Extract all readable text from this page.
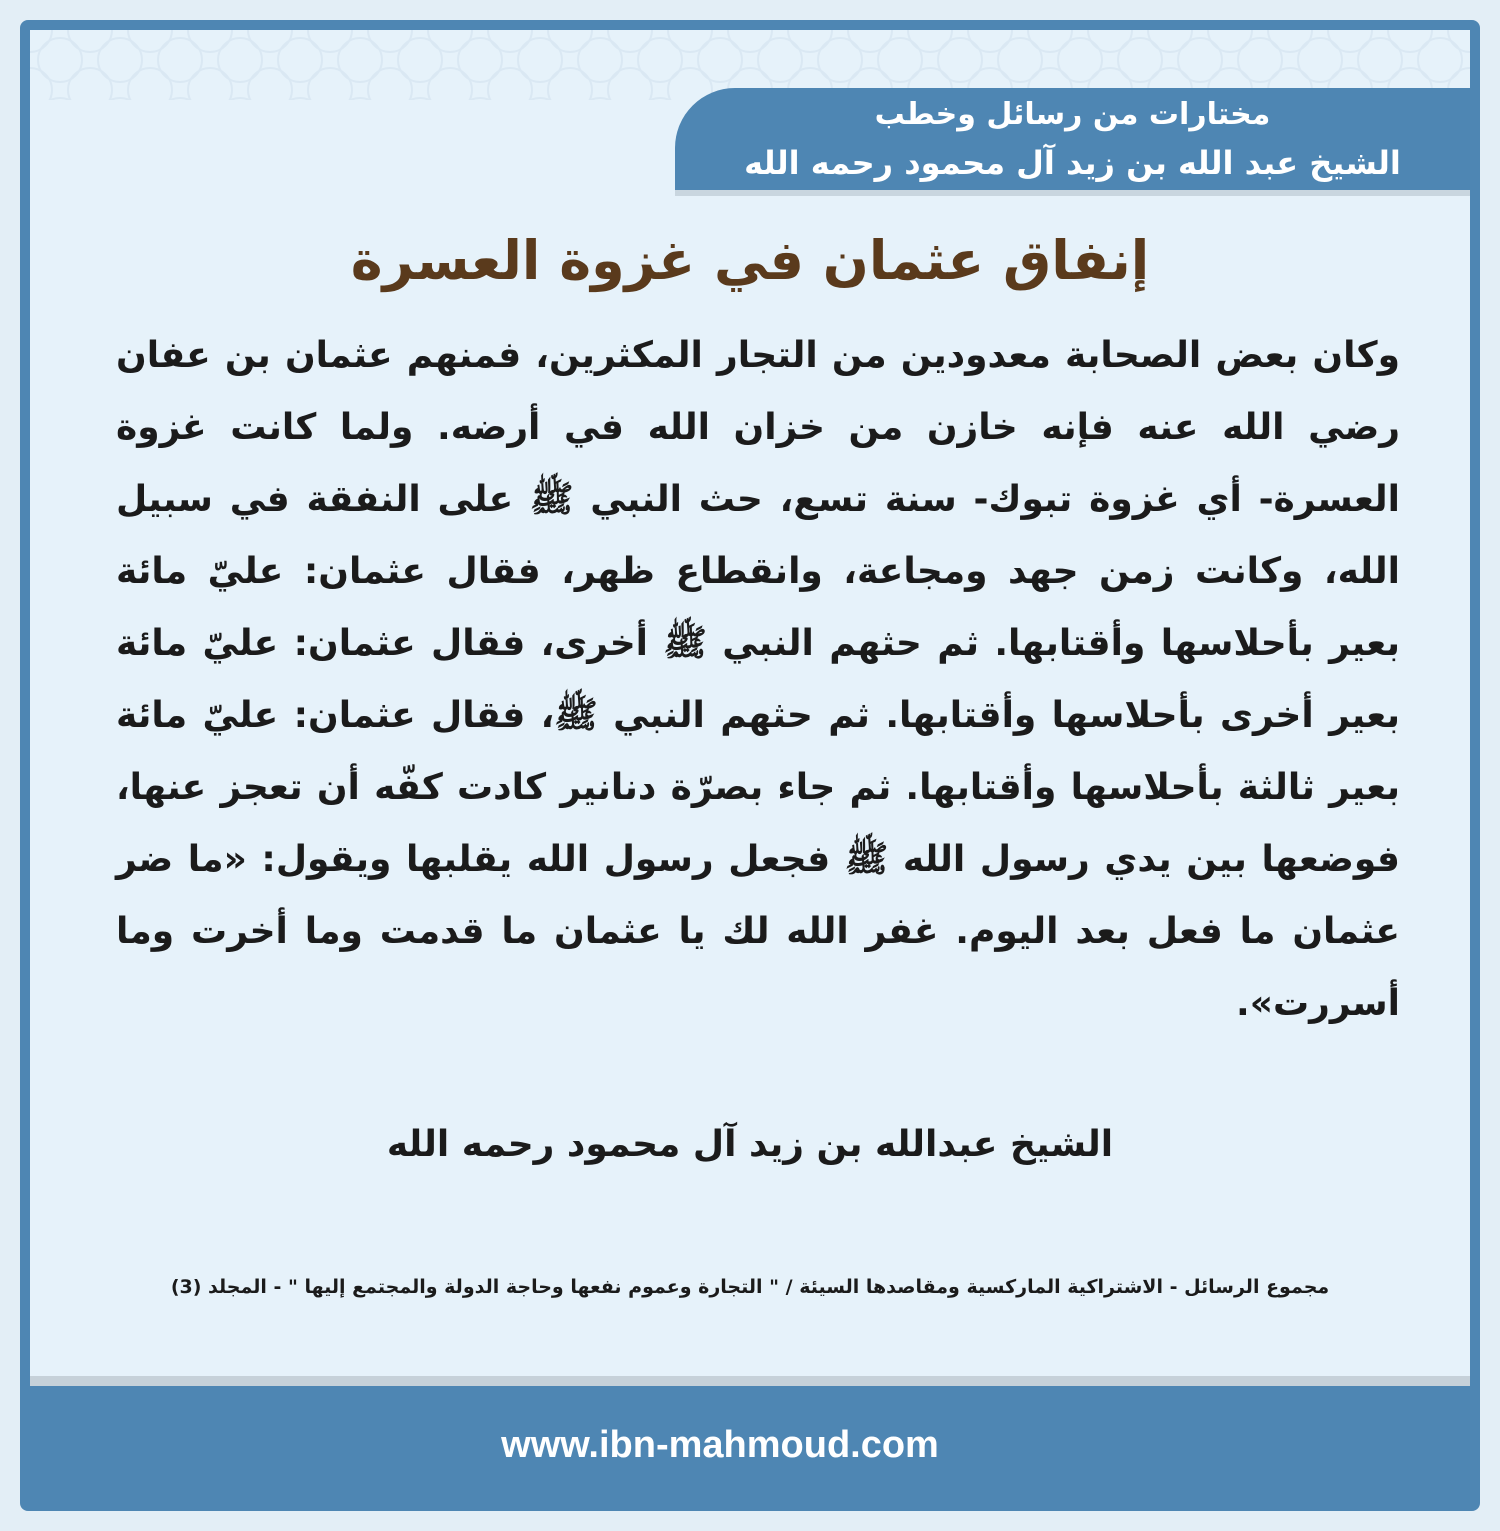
مختارات من رسائل وخطب
الشيخ عبد الله بن زيد آل محمود رحمه الله
إنفاق عثمان في غزوة العسرة
وكان بعض الصحابة معدودين من التجار المكثرين، فمنهم عثمان بن عفان رضي الله عنه فإنه خازن من خزان الله في أرضه. ولما كانت غزوة العسرة- أي غزوة تبوك- سنة تسع، حث النبي ﷺ على النفقة في سبيل الله، وكانت زمن جهد ومجاعة، وانقطاع ظهر، فقال عثمان: عليّ مائة بعير بأحلاسها وأقتابها. ثم حثهم النبي ﷺ أخرى، فقال عثمان: عليّ مائة بعير أخرى بأحلاسها وأقتابها. ثم حثهم النبي ﷺ، فقال عثمان: عليّ مائة بعير ثالثة بأحلاسها وأقتابها. ثم جاء بصرّة دنانير كادت كفّه أن تعجز عنها، فوضعها بين يدي رسول الله ﷺ فجعل رسول الله يقلبها ويقول: «ما ضر عثمان ما فعل بعد اليوم. غفر الله لك يا عثمان ما قدمت وما أخرت وما أسررت».
الشيخ عبدالله بن زيد آل محمود رحمه الله
مجموع الرسائل - الاشتراكية الماركسية ومقاصدها السيئة / " التجارة وعموم نفعها وحاجة الدولة والمجتمع إليها " - المجلد (3)
www.ibn-mahmoud.com
